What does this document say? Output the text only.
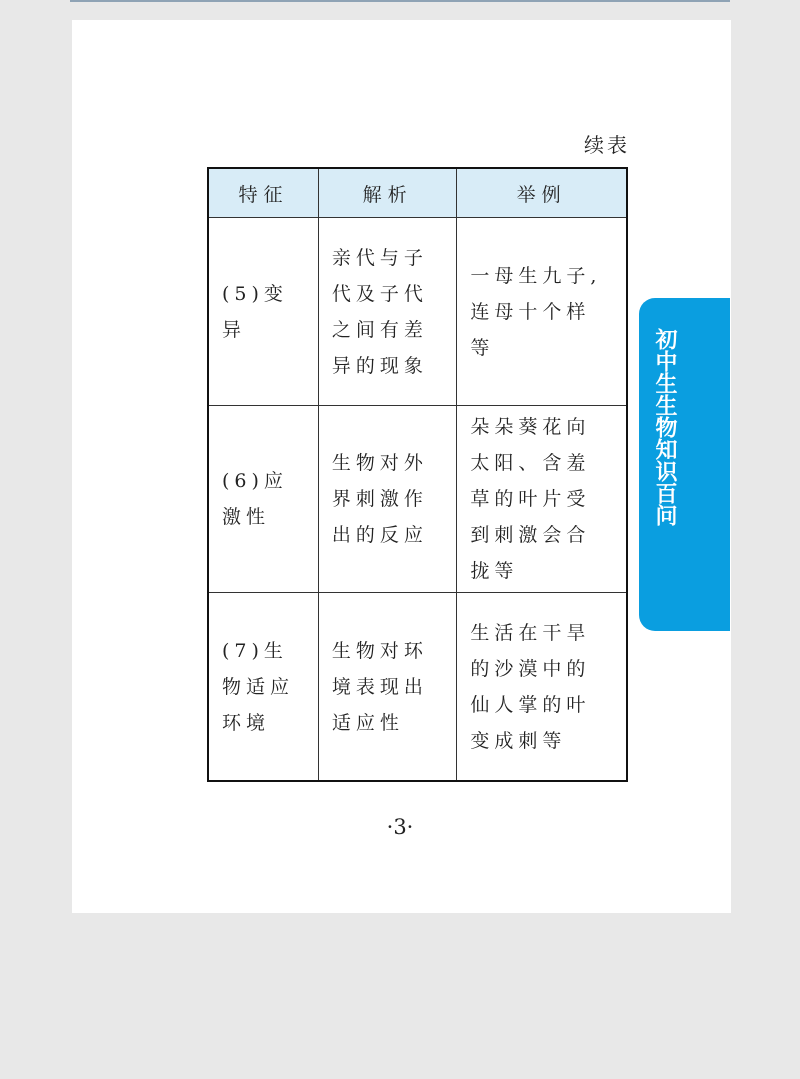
续表
特征	解析	举例
(5)变异	亲代与子代及子代之间有差异的现象	一母生九子,连母十个样等
(6)应激性	生物对外界刺激作出的反应	朵朵葵花向太阳、含羞草的叶片受到刺激会合拢等
(7)生物适应环境	生物对环境表现出适应性	生活在干旱的沙漠中的仙人掌的叶变成刺等
·3·
初中生生物知识百问
